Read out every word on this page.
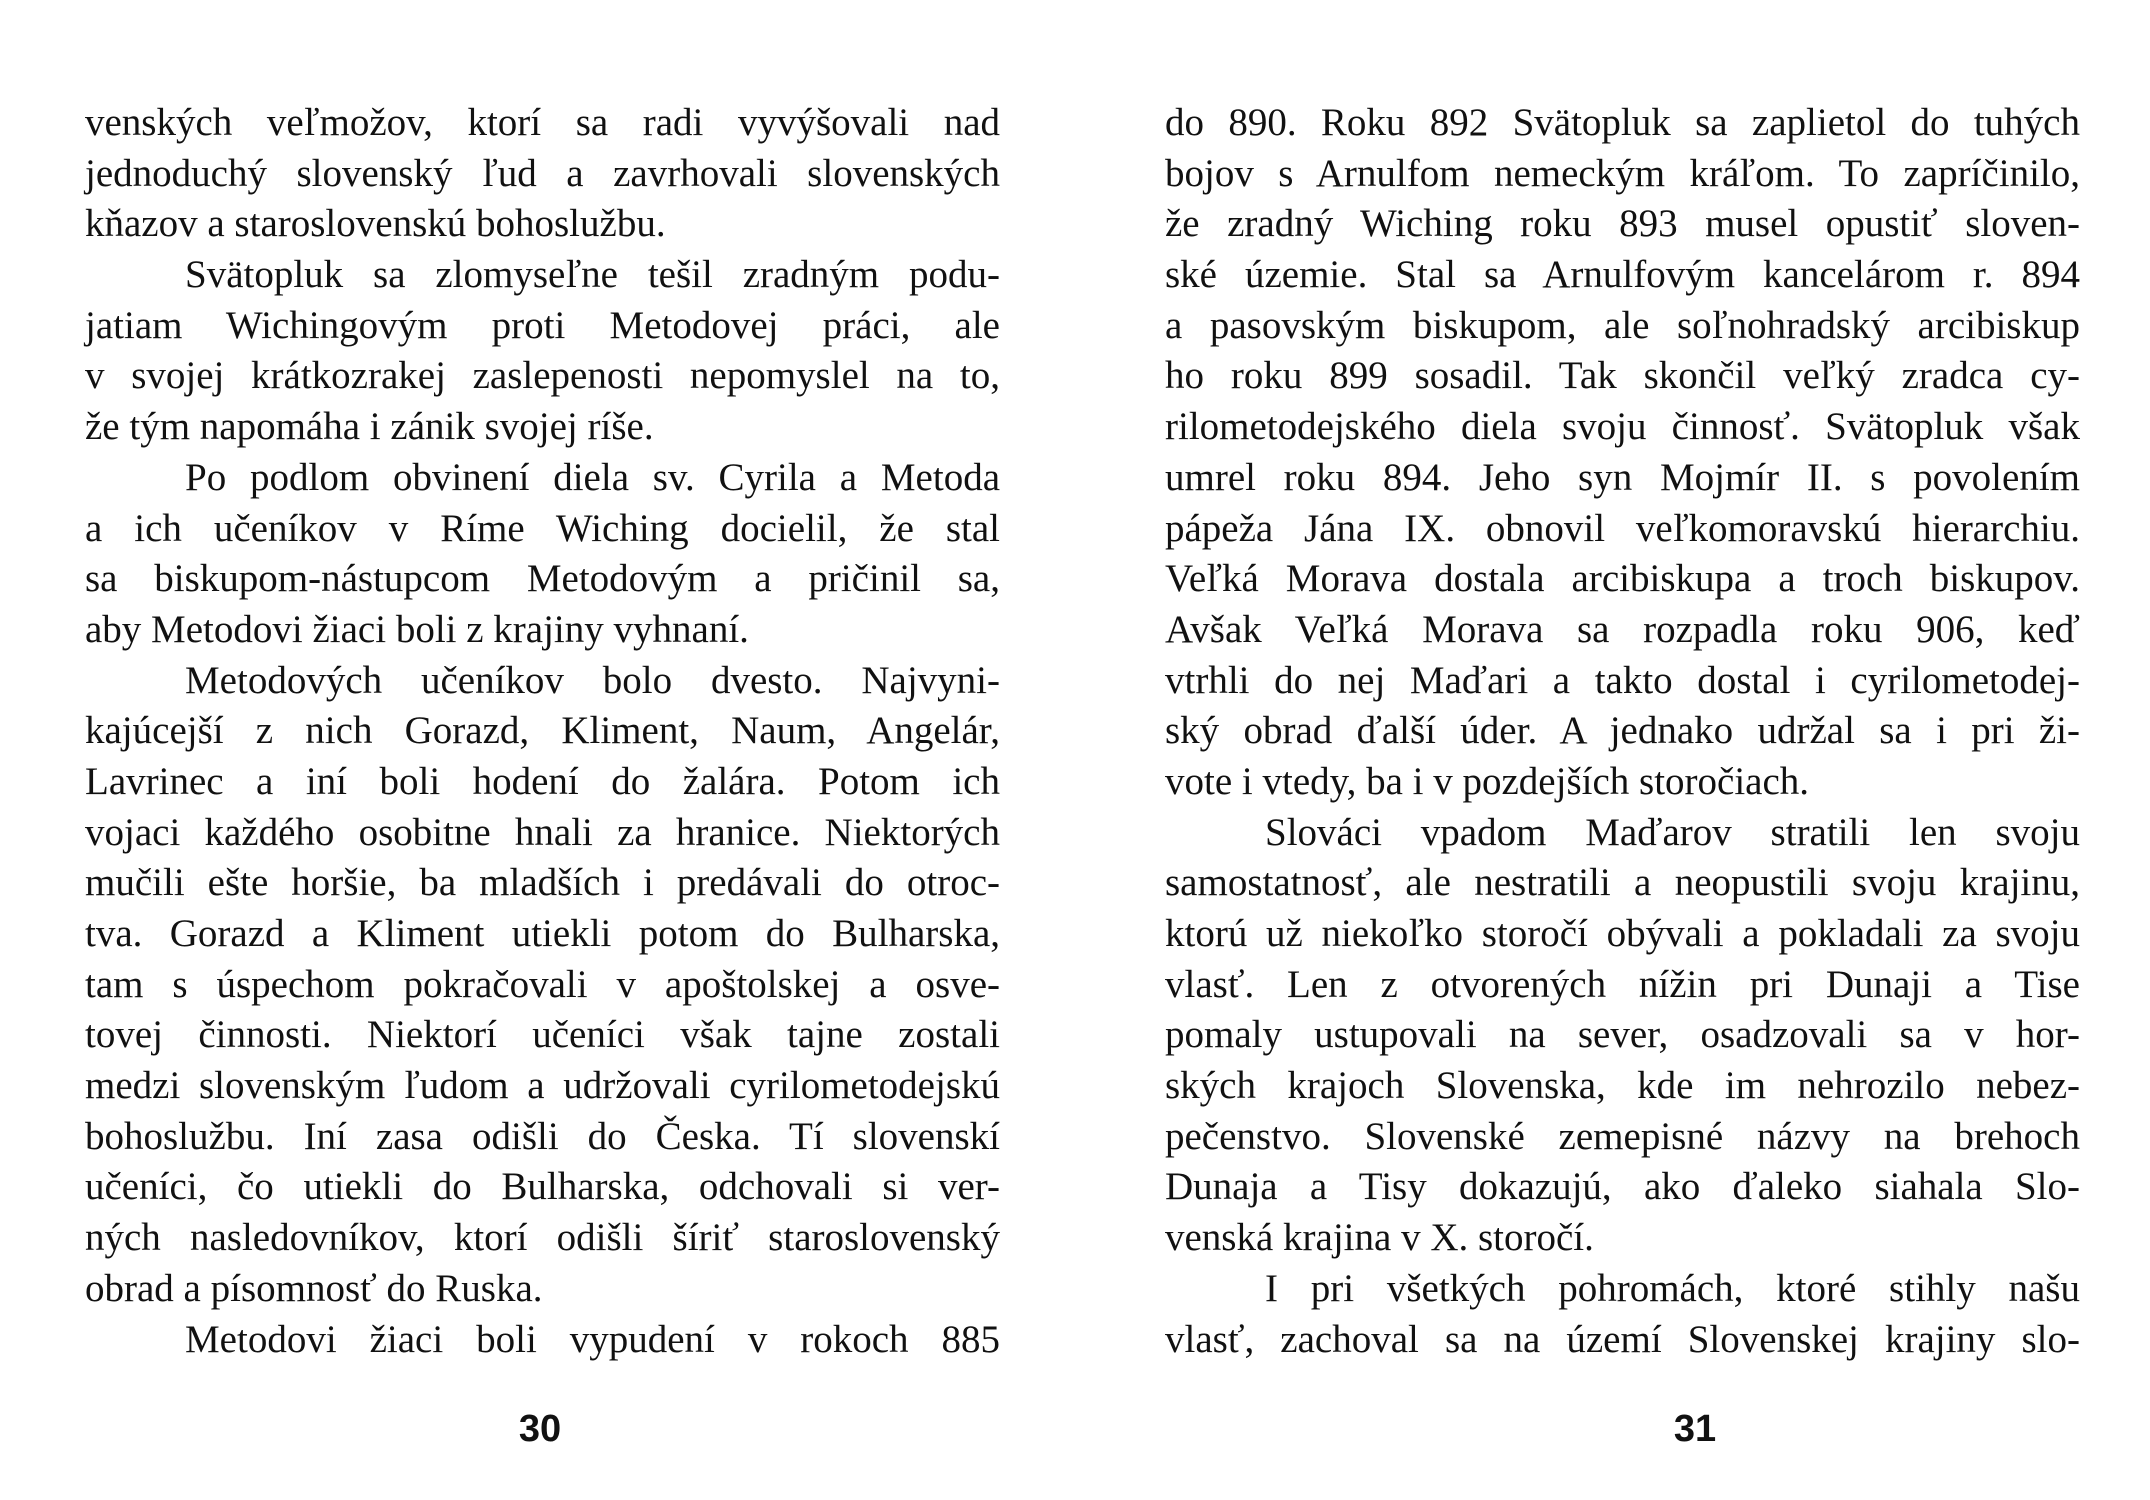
venských veľmožov, ktorí sa radi vyvýšovali nad
jednoduchý slovenský ľud a zavrhovali slovenských
kňazov a staroslovenskú bohoslužbu.
Svätopluk sa zlomyseľne tešil zradným podu-
jatiam Wichingovým proti Metodovej práci, ale
v svojej krátkozrakej zaslepenosti nepomyslel na to,
že tým napomáha i zánik svojej ríše.
Po podlom obvinení diela sv. Cyrila a Metoda
a ich učeníkov v Ríme Wiching docielil, že stal
sa biskupom-nástupcom Metodovým a pričinil sa,
aby Metodovi žiaci boli z krajiny vyhnaní.
Metodových učeníkov bolo dvesto. Najvyni-
kajúcejší z nich Gorazd, Kliment, Naum, Angelár,
Lavrinec a iní boli hodení do žalára. Potom ich
vojaci každého osobitne hnali za hranice. Niektorých
mučili ešte horšie, ba mladších i predávali do otroc-
tva. Gorazd a Kliment utiekli potom do Bulharska,
tam s úspechom pokračovali v apoštolskej a osve-
tovej činnosti. Niektorí učeníci však tajne zostali
medzi slovenským ľudom a udržovali cyrilometodejskú
bohoslužbu. Iní zasa odišli do Česka. Tí slovenskí
učeníci, čo utiekli do Bulharska, odchovali si ver-
ných nasledovníkov, ktorí odišli šíriť staroslovenský
obrad a písomnosť do Ruska.
Metodovi žiaci boli vypudení v rokoch 885
30
do 890. Roku 892 Svätopluk sa zaplietol do tuhých
bojov s Arnulfom nemeckým kráľom. To zapríčinilo,
že zradný Wiching roku 893 musel opustiť sloven-
ské územie. Stal sa Arnulfovým kancelárom r. 894
a pasovským biskupom, ale soľnohradský arcibiskup
ho roku 899 sosadil. Tak skončil veľký zradca cy-
rilometodejského diela svoju činnosť. Svätopluk však
umrel roku 894. Jeho syn Mojmír II. s povolením
pápeža Jána IX. obnovil veľkomoravskú hierarchiu.
Veľká Morava dostala arcibiskupa a troch biskupov.
Avšak Veľká Morava sa rozpadla roku 906, keď
vtrhli do nej Maďari a takto dostal i cyrilometodej-
ský obrad ďalší úder. A jednako udržal sa i pri ži-
vote i vtedy, ba i v pozdejších storočiach.
Slováci vpadom Maďarov stratili len svoju
samostatnosť, ale nestratili a neopustili svoju krajinu,
ktorú už niekoľko storočí obývali a pokladali za svoju
vlasť. Len z otvorených nížin pri Dunaji a Tise
pomaly ustupovali na sever, osadzovali sa v hor-
ských krajoch Slovenska, kde im nehrozilo nebez-
pečenstvo. Slovenské zemepisné názvy na brehoch
Dunaja a Tisy dokazujú, ako ďaleko siahala Slo-
venská krajina v X. storočí.
I pri všetkých pohromách, ktoré stihly našu
vlasť, zachoval sa na území Slovenskej krajiny slo-
31
